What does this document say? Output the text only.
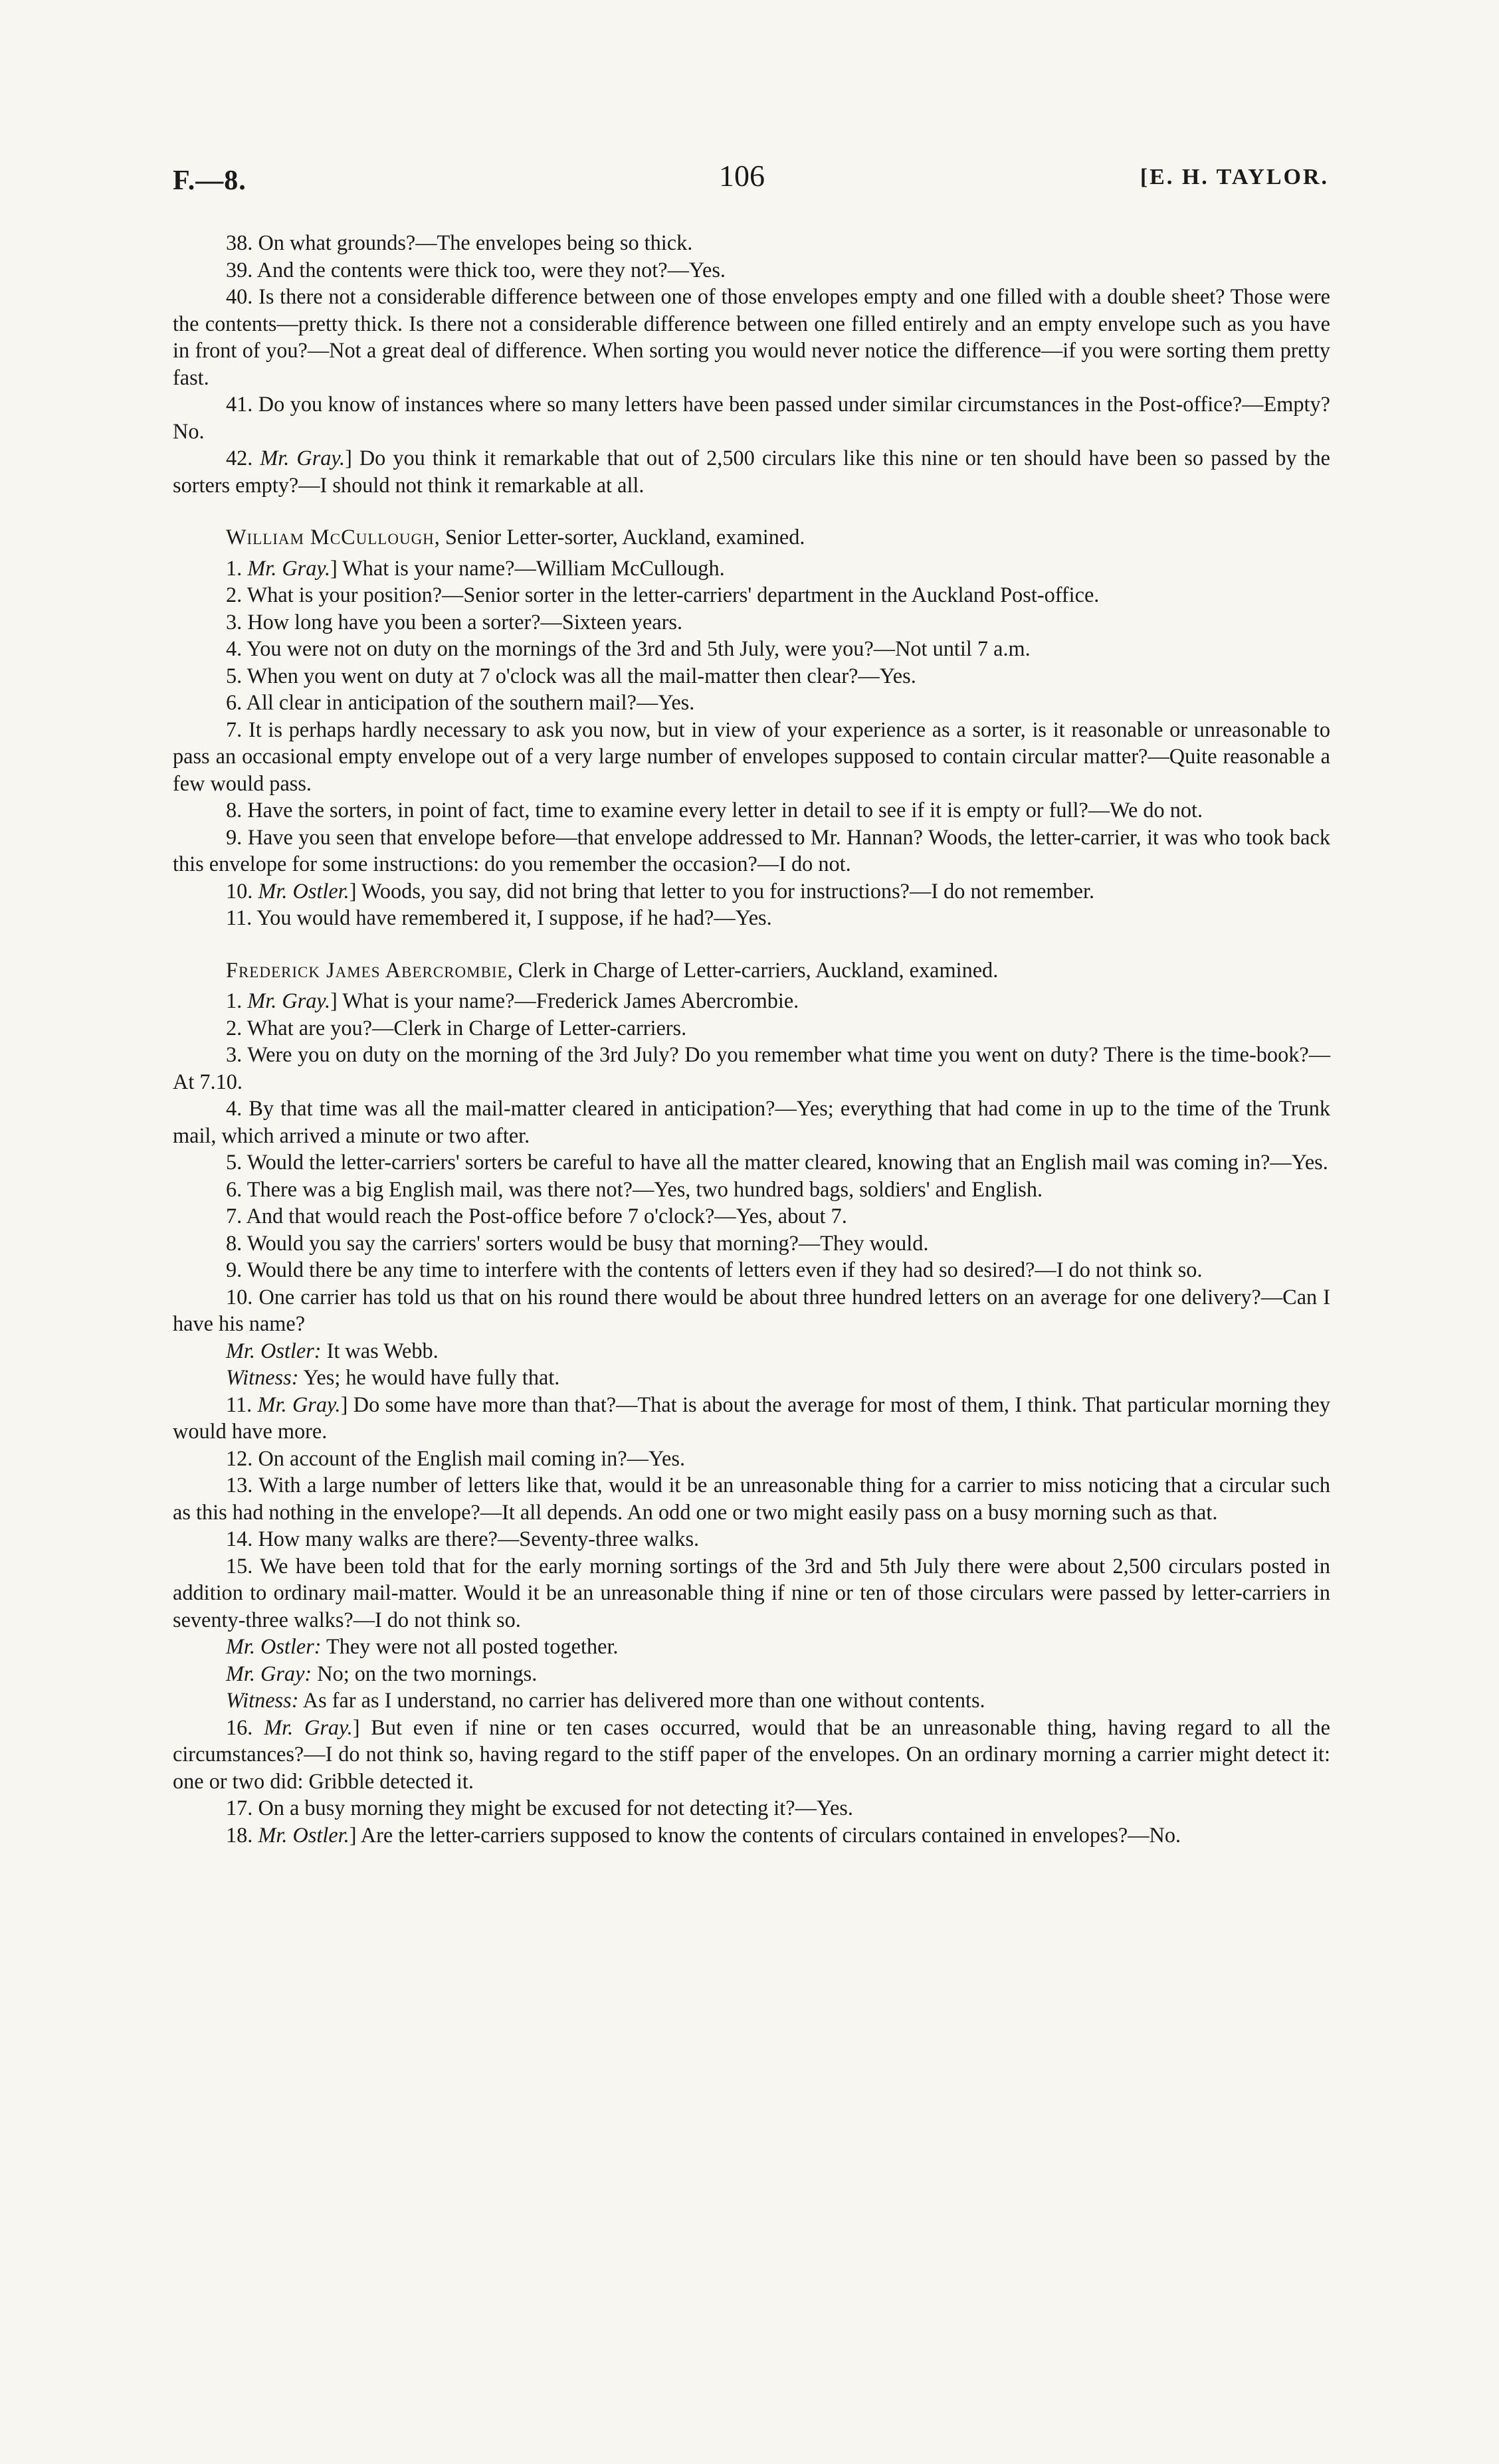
F.—8.	106	[E. H. TAYLOR.

38. On what grounds?—The envelopes being so thick.

39. And the contents were thick too, were they not?—Yes.

40. Is there not a considerable difference between one of those envelopes empty and one filled with a double sheet? Those were the contents—pretty thick. Is there not a considerable difference between one filled entirely and an empty envelope such as you have in front of you?—Not a great deal of difference. When sorting you would never notice the difference—if you were sorting them pretty fast.

41. Do you know of instances where so many letters have been passed under similar circumstances in the Post-office?—Empty? No.

42. Mr. Gray.] Do you think it remarkable that out of 2,500 circulars like this nine or ten should have been so passed by the sorters empty?—I should not think it remarkable at all.

William McCullough, Senior Letter-sorter, Auckland, examined.

1. Mr. Gray.] What is your name?—William McCullough.

2. What is your position?—Senior sorter in the letter-carriers' department in the Auckland Post-office.

3. How long have you been a sorter?—Sixteen years.

4. You were not on duty on the mornings of the 3rd and 5th July, were you?—Not until 7 a.m.

5. When you went on duty at 7 o'clock was all the mail-matter then clear?—Yes.

6. All clear in anticipation of the southern mail?—Yes.

7. It is perhaps hardly necessary to ask you now, but in view of your experience as a sorter, is it reasonable or unreasonable to pass an occasional empty envelope out of a very large number of envelopes supposed to contain circular matter?—Quite reasonable a few would pass.

8. Have the sorters, in point of fact, time to examine every letter in detail to see if it is empty or full?—We do not.

9. Have you seen that envelope before—that envelope addressed to Mr. Hannan? Woods, the letter-carrier, it was who took back this envelope for some instructions: do you remember the occasion?—I do not.

10. Mr. Ostler.] Woods, you say, did not bring that letter to you for instructions?—I do not remember.

11. You would have remembered it, I suppose, if he had?—Yes.

Frederick James Abercrombie, Clerk in Charge of Letter-carriers, Auckland, examined.

1. Mr. Gray.] What is your name?—Frederick James Abercrombie.

2. What are you?—Clerk in Charge of Letter-carriers.

3. Were you on duty on the morning of the 3rd July? Do you remember what time you went on duty? There is the time-book?—At 7.10.

4. By that time was all the mail-matter cleared in anticipation?—Yes; everything that had come in up to the time of the Trunk mail, which arrived a minute or two after.

5. Would the letter-carriers' sorters be careful to have all the matter cleared, knowing that an English mail was coming in?—Yes.

6. There was a big English mail, was there not?—Yes, two hundred bags, soldiers' and English.

7. And that would reach the Post-office before 7 o'clock?—Yes, about 7.

8. Would you say the carriers' sorters would be busy that morning?—They would.

9. Would there be any time to interfere with the contents of letters even if they had so desired?—I do not think so.

10. One carrier has told us that on his round there would be about three hundred letters on an average for one delivery?—Can I have his name?

Mr. Ostler: It was Webb.

Witness: Yes; he would have fully that.

11. Mr. Gray.] Do some have more than that?—That is about the average for most of them, I think. That particular morning they would have more.

12. On account of the English mail coming in?—Yes.

13. With a large number of letters like that, would it be an unreasonable thing for a carrier to miss noticing that a circular such as this had nothing in the envelope?—It all depends. An odd one or two might easily pass on a busy morning such as that.

14. How many walks are there?—Seventy-three walks.

15. We have been told that for the early morning sortings of the 3rd and 5th July there were about 2,500 circulars posted in addition to ordinary mail-matter. Would it be an unreasonable thing if nine or ten of those circulars were passed by letter-carriers in seventy-three walks?—I do not think so.

Mr. Ostler: They were not all posted together.

Mr. Gray: No; on the two mornings.

Witness: As far as I understand, no carrier has delivered more than one without contents.

16. Mr. Gray.] But even if nine or ten cases occurred, would that be an unreasonable thing, having regard to all the circumstances?—I do not think so, having regard to the stiff paper of the envelopes. On an ordinary morning a carrier might detect it: one or two did: Gribble detected it.

17. On a busy morning they might be excused for not detecting it?—Yes.

18. Mr. Ostler.] Are the letter-carriers supposed to know the contents of circulars contained in envelopes?—No.
